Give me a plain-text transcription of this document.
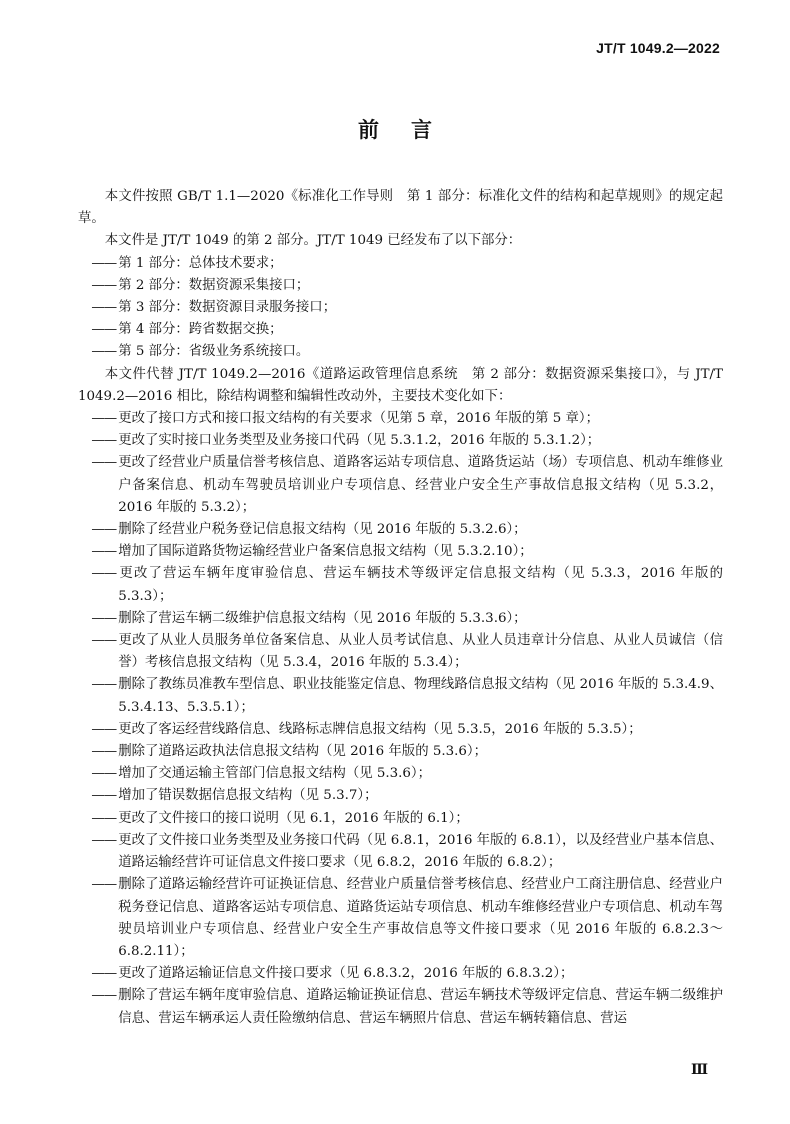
JT/T 1049.2—2022
前言

本文件按照 GB/T 1.1—2020《标准化工作导则　第 1 部分：标准化文件的结构和起草规则》的规定起草。

本文件是 JT/T 1049 的第 2 部分。JT/T 1049 已经发布了以下部分：

—— 第 1 部分：总体技术要求；

—— 第 2 部分：数据资源采集接口；

—— 第 3 部分：数据资源目录服务接口；

—— 第 4 部分：跨省数据交换；

—— 第 5 部分：省级业务系统接口。

本文件代替 JT/T 1049.2—2016《道路运政管理信息系统　第 2 部分：数据资源采集接口》，与 JT/T 1049.2—2016 相比，除结构调整和编辑性改动外，主要技术变化如下：

—— 更改了接口方式和接口报文结构的有关要求（见第 5 章，2016 年版的第 5 章）；

—— 更改了实时接口业务类型及业务接口代码（见 5.3.1.2，2016 年版的 5.3.1.2）；

—— 更改了经营业户质量信誉考核信息、道路客运站专项信息、道路货运站（场）专项信息、机动车维修业户备案信息、机动车驾驶员培训业户专项信息、经营业户安全生产事故信息报文结构（见 5.3.2，2016 年版的 5.3.2）；

—— 删除了经营业户税务登记信息报文结构（见 2016 年版的 5.3.2.6）；

—— 增加了国际道路货物运输经营业户备案信息报文结构（见 5.3.2.10）；

—— 更改了营运车辆年度审验信息、营运车辆技术等级评定信息报文结构（见 5.3.3，2016 年版的 5.3.3）；

—— 删除了营运车辆二级维护信息报文结构（见 2016 年版的 5.3.3.6）；

—— 更改了从业人员服务单位备案信息、从业人员考试信息、从业人员违章计分信息、从业人员诚信（信誉）考核信息报文结构（见 5.3.4，2016 年版的 5.3.4）；

—— 删除了教练员准教车型信息、职业技能鉴定信息、物理线路信息报文结构（见 2016 年版的 5.3.4.9、5.3.4.13、5.3.5.1）；

—— 更改了客运经营线路信息、线路标志牌信息报文结构（见 5.3.5，2016 年版的 5.3.5）；

—— 删除了道路运政执法信息报文结构（见 2016 年版的 5.3.6）；

—— 增加了交通运输主管部门信息报文结构（见 5.3.6）；

—— 增加了错误数据信息报文结构（见 5.3.7）；

—— 更改了文件接口的接口说明（见 6.1，2016 年版的 6.1）；

—— 更改了文件接口业务类型及业务接口代码（见 6.8.1，2016 年版的 6.8.1），以及经营业户基本信息、道路运输经营许可证信息文件接口要求（见 6.8.2，2016 年版的 6.8.2）；

—— 删除了道路运输经营许可证换证信息、经营业户质量信誉考核信息、经营业户工商注册信息、经营业户税务登记信息、道路客运站专项信息、道路货运站专项信息、机动车维修经营业户专项信息、机动车驾驶员培训业户专项信息、经营业户安全生产事故信息等文件接口要求（见 2016 年版的 6.8.2.3～6.8.2.11）；

—— 更改了道路运输证信息文件接口要求（见 6.8.3.2，2016 年版的 6.8.3.2）；

—— 删除了营运车辆年度审验信息、道路运输证换证信息、营运车辆技术等级评定信息、营运车辆二级维护信息、营运车辆承运人责任险缴纳信息、营运车辆照片信息、营运车辆转籍信息、营运

Ⅲ
